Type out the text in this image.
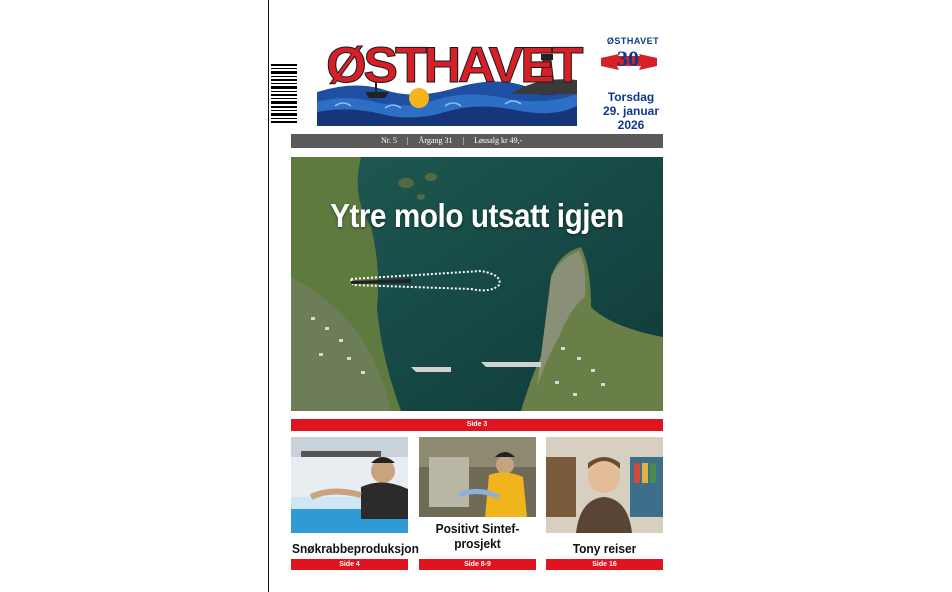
ØSTHAVET	ØSTHAVET
30
Torsdag
29. januar
2026
Nr. 5 | Årgang 31 | Løssalg kr 49,-
Ytre molo utsatt igjen
Side 3
Snøkrabbeproduksjon
Side 4
Positivt Sintef-
prosjekt
Side 8-9
Tony reiser
Side 16
